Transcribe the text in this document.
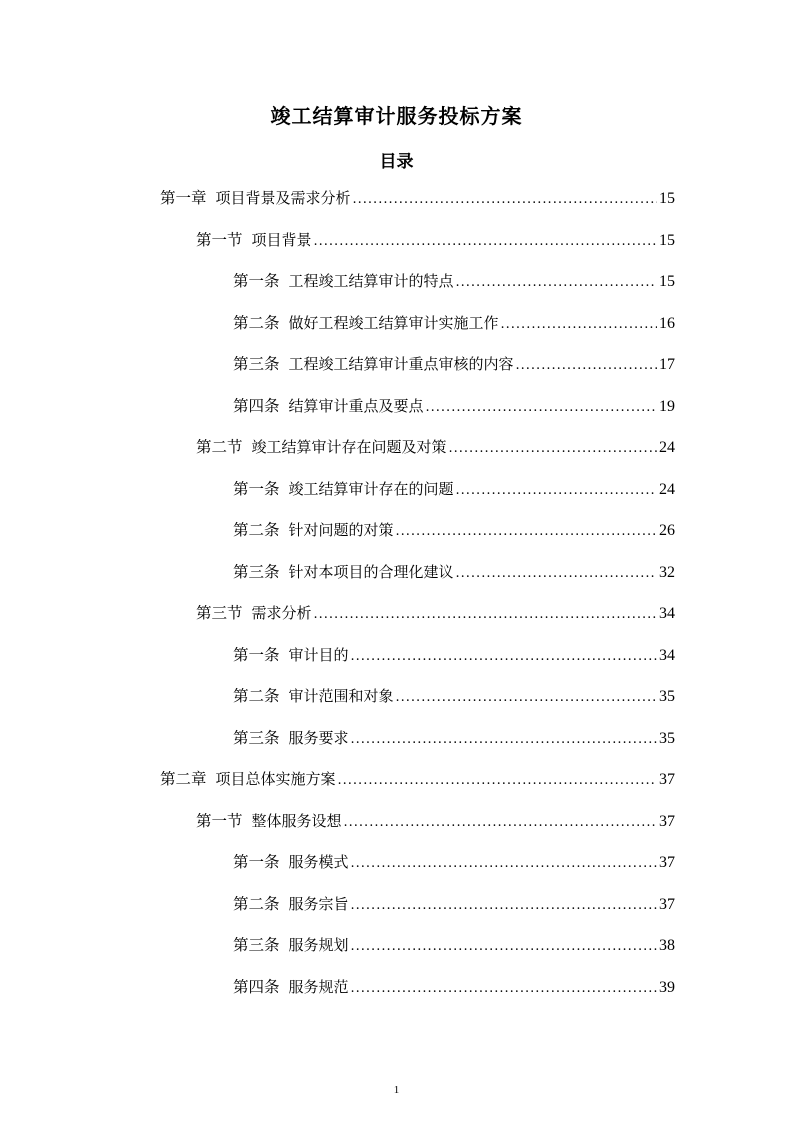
竣工结算审计服务投标方案
目录
第一章 项目背景及需求分析 .....	15
第一节 项目背景 .....	15
第一条 工程竣工结算审计的特点 .....	15
第二条 做好工程竣工结算审计实施工作 .....	16
第三条 工程竣工结算审计重点审核的内容 .....	17
第四条 结算审计重点及要点 .....	19
第二节 竣工结算审计存在问题及对策 .....	24
第一条 竣工结算审计存在的问题 .....	24
第二条 针对问题的对策 .....	26
第三条 针对本项目的合理化建议 .....	32
第三节 需求分析 .....	34
第一条 审计目的 .....	34
第二条 审计范围和对象 .....	35
第三条 服务要求 .....	35
第二章 项目总体实施方案 .....	37
第一节 整体服务设想 .....	37
第一条 服务模式 .....	37
第二条 服务宗旨 .....	37
第三条 服务规划 .....	38
第四条 服务规范 .....	39
1
